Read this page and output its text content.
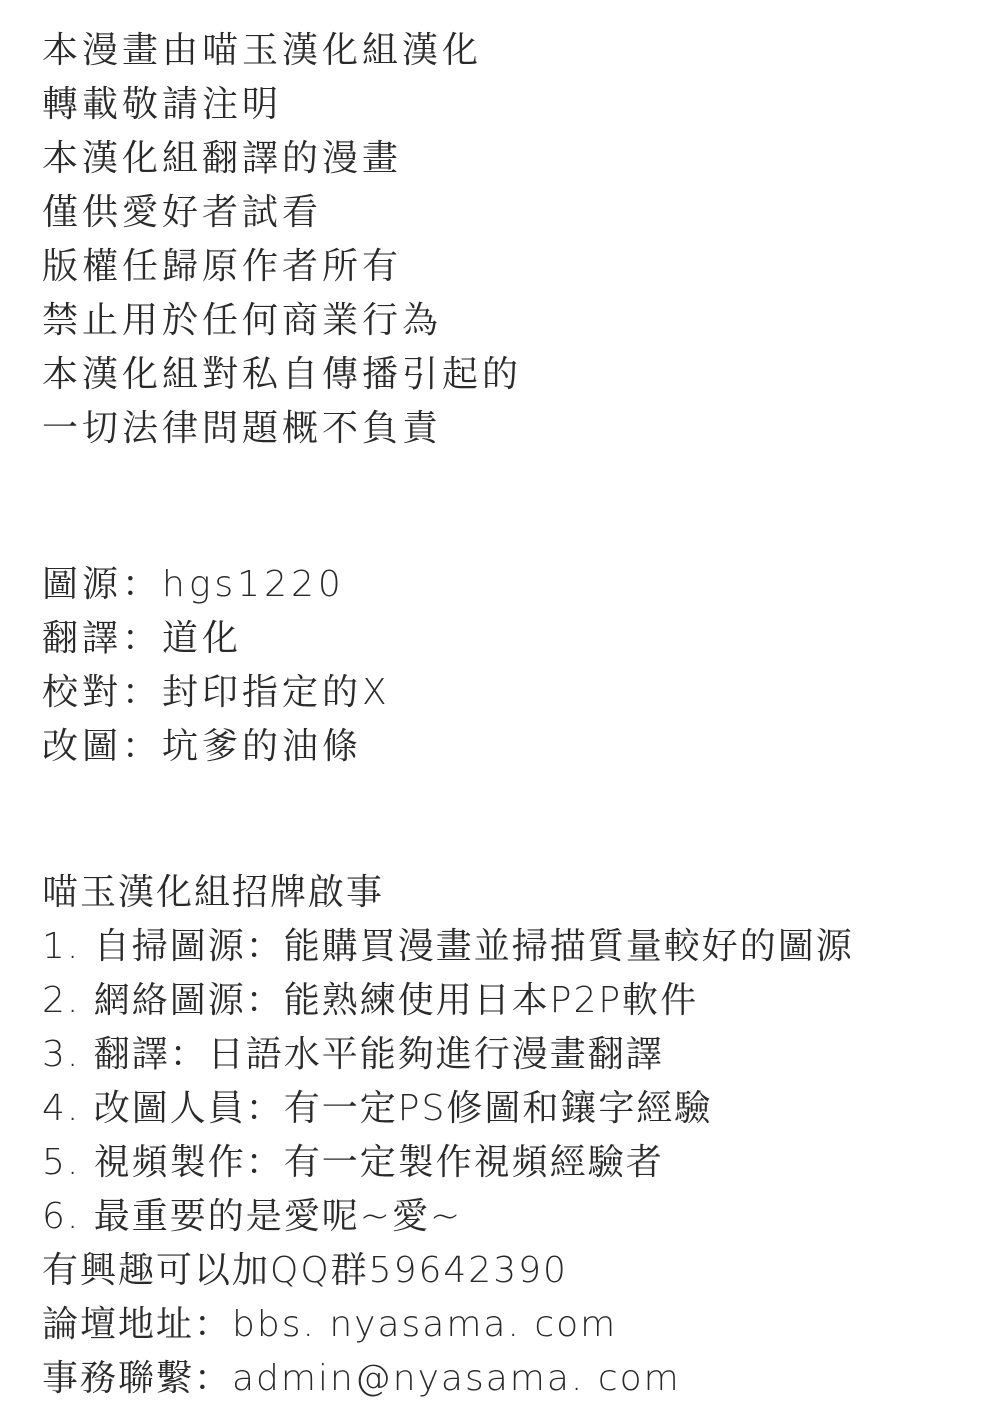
本漫畫由喵玉漢化組漢化
轉載敬請注明
本漢化組翻譯的漫畫
僅供愛好者試看
版權任歸原作者所有
禁止用於任何商業行為
本漢化組對私自傳播引起的
一切法律問題概不負責
圖源：hgs1220
翻譯：道化
校對：封印指定的X
改圖：坑爹的油條
喵玉漢化組招牌啟事
1. 自掃圖源：能購買漫畫並掃描質量較好的圖源
2. 網絡圖源：能熟練使用日本P2P軟件
3. 翻譯：日語水平能夠進行漫畫翻譯
4. 改圖人員：有一定PS修圖和鑲字經驗
5. 視頻製作：有一定製作視頻經驗者
6. 最重要的是愛呢~愛~
有興趣可以加QQ群59642390
論壇地址：bbs. nyasama. com
事務聯繫：admin@nyasama. com
